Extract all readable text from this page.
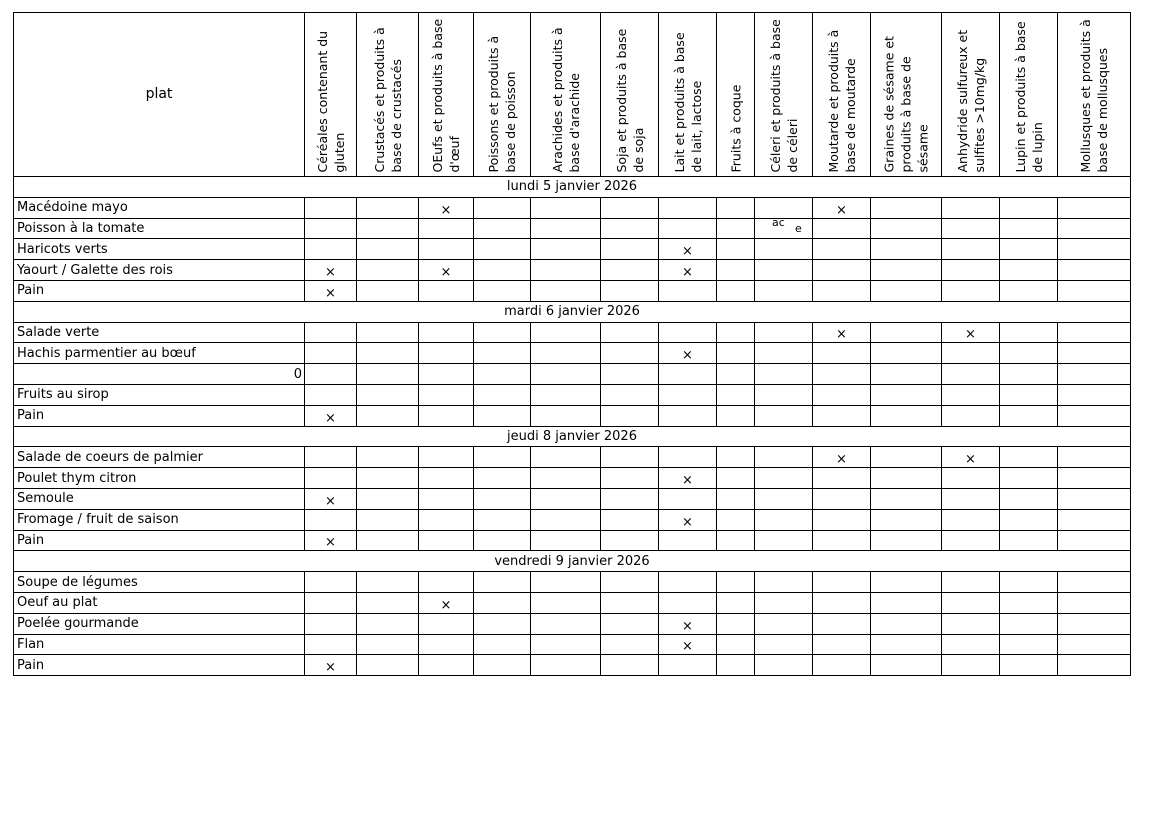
plat	Céréales contenant du gluten	Crustacés et produits à base de crustacés	OEufs et produits à base d'œuf	Poissons et produits à base de poisson	Arachides et produits à base d'arachide	Soja et produits à base de soja	Lait et produits à base de lait, lactose	Fruits à coque	Céleri et produits à base de céleri	Moutarde et produits à base de moutarde	Graines de sésame et produits à base de sésame	Anhydride sulfureux et sulfites >10mg/kg	Lupin et produits à base de lupin	Mollusques et produits à base de mollusques

lundi 5 janvier 2026														
Macédoine mayo			×							×				
Poisson à la tomate									ac e					

Haricots verts							×							
Yaourt / Galette des rois	×		×				×							
Pain	×													
mardi 6 janvier 2026														
Salade verte										×		×		
Hachis parmentier au bœuf							×							
0														
Fruits au sirop														
Pain	×													
jeudi 8 janvier 2026														
Salade de coeurs de palmier										×		×		
Poulet thym citron							×							
Semoule	×													
Fromage / fruit de saison							×							
Pain	×													
vendredi 9 janvier 2026														
Soupe de légumes														
Oeuf au plat			×											
Poelée gourmande							×							
Flan							×							
Pain	×													
